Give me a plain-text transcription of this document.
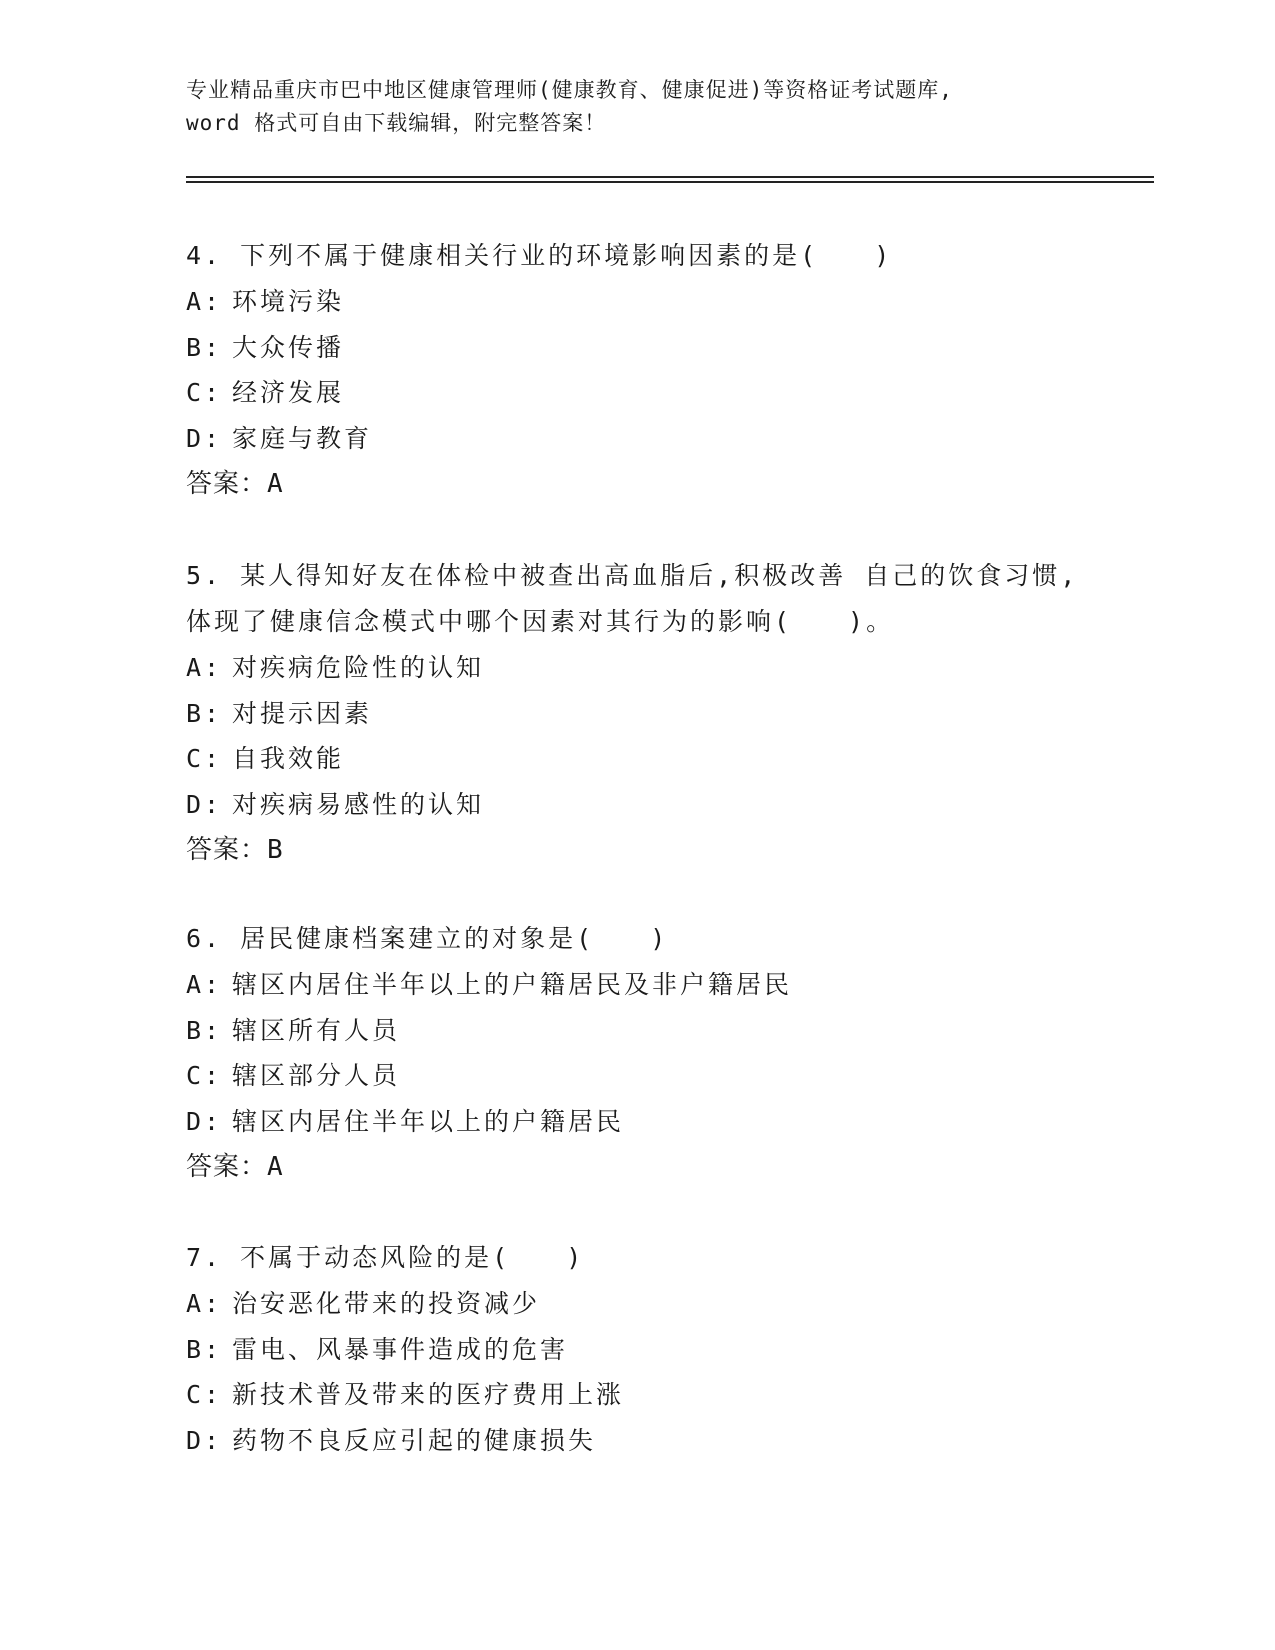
专业精品重庆市巴中地区健康管理师(健康教育、健康促进)等资格证考试题库,
word 格式可自由下载编辑，附完整答案！
4. 下列不属于健康相关行业的环境影响因素的是(　　)
A: 环境污染
B: 大众传播
C: 经济发展
D: 家庭与教育
答案：A
5. 某人得知好友在体检中被查出高血脂后,积极改善 自己的饮食习惯,体现了健康信念模式中哪个因素对其行为的影响(　　)。
A: 对疾病危险性的认知
B: 对提示因素
C: 自我效能
D: 对疾病易感性的认知
答案：B
6. 居民健康档案建立的对象是(　　)
A: 辖区内居住半年以上的户籍居民及非户籍居民
B: 辖区所有人员
C: 辖区部分人员
D: 辖区内居住半年以上的户籍居民
答案：A
7. 不属于动态风险的是(　　)
A: 治安恶化带来的投资减少
B: 雷电、风暴事件造成的危害
C: 新技术普及带来的医疗费用上涨
D: 药物不良反应引起的健康损失
